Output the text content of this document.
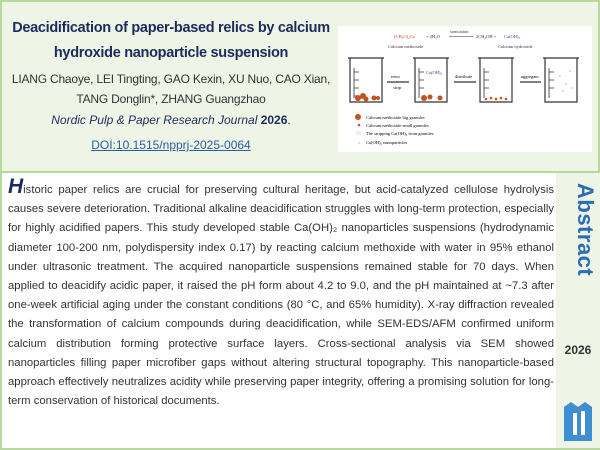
Deacidification of paper-based relics by calcium hydroxide nanoparticle suspension
LIANG Chaoye, LEI Tingting, GAO Kexin, XU Nuo, CAO Xian,
TANG Donglin*, ZHANG Guangzhao
Nordic Pulp & Paper Research Journal 2026.
DOI:10.1515/npprj-2025-0064
(CH₃O)₂Ca	+ 2H₂O
sonication
2CH₃OH + Ca(OH)₂
Calcium methoxide	Calcium hydroxide
react
strip
distribute	aggregate
Ca(OH)₂
Calcium methoxide big granules
Calcium methoxide small granules
The stripping Ca(OH)₂ from granules
Ca(OH)₂ nanoparticles
Historic paper relics are crucial for preserving cultural heritage, but acid-catalyzed cellulose hydrolysis causes severe deterioration. Traditional alkaline deacidification struggles with long-term protection, especially for highly acidified papers. This study developed stable Ca(OH)₂ nanoparticles suspensions (hydrodynamic diameter 100-200 nm, polydispersity index 0.17) by reacting calcium methoxide with water in 95% ethanol under ultrasonic treatment. The acquired nanoparticle suspensions remained stable for 70 days. When applied to deacidify acidic paper, it raised the pH form about 4.2 to 9.0, and the pH maintained at ~7.3 after one-week artificial aging under the constant conditions (80 °C, and 65% humidity). X-ray diffraction revealed the transformation of calcium compounds during deacidification, while SEM-EDS/AFM confirmed uniform calcium distribution forming protective surface layers. Cross-sectional analysis via SEM showed nanoparticles filling paper microfiber gaps without altering structural topography. This nanoparticle-based approach effectively neutralizes acidity while preserving paper integrity, offering a promising solution for long-term conservation of historical documents.
Abstract
2026
